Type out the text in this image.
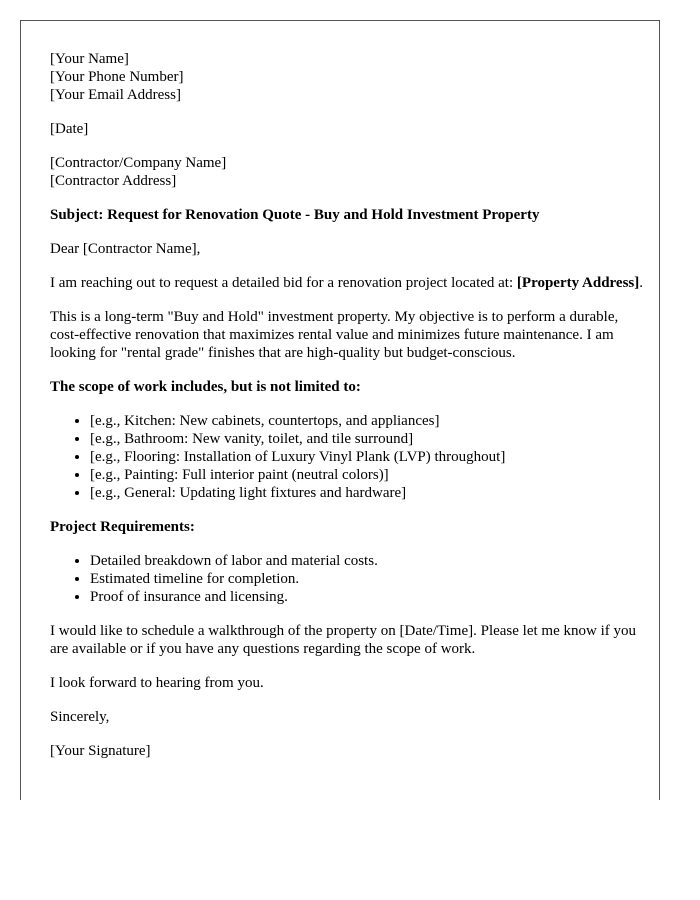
[Your Name]
[Your Phone Number]
[Your Email Address]

[Date]

[Contractor/Company Name]
[Contractor Address]

Subject: Request for Renovation Quote - Buy and Hold Investment Property

Dear [Contractor Name],

I am reaching out to request a detailed bid for a renovation project located at: [Property Address].

This is a long-term "Buy and Hold" investment property. My objective is to perform a durable, cost-effective renovation that maximizes rental value and minimizes future maintenance. I am looking for "rental grade" finishes that are high-quality but budget-conscious.

The scope of work includes, but is not limited to:

• [e.g., Kitchen: New cabinets, countertops, and appliances]
• [e.g., Bathroom: New vanity, toilet, and tile surround]
• [e.g., Flooring: Installation of Luxury Vinyl Plank (LVP) throughout]
• [e.g., Painting: Full interior paint (neutral colors)]
• [e.g., General: Updating light fixtures and hardware]

Project Requirements:

• Detailed breakdown of labor and material costs.
• Estimated timeline for completion.
• Proof of insurance and licensing.

I would like to schedule a walkthrough of the property on [Date/Time]. Please let me know if you are available or if you have any questions regarding the scope of work.

I look forward to hearing from you.

Sincerely,

[Your Signature]
